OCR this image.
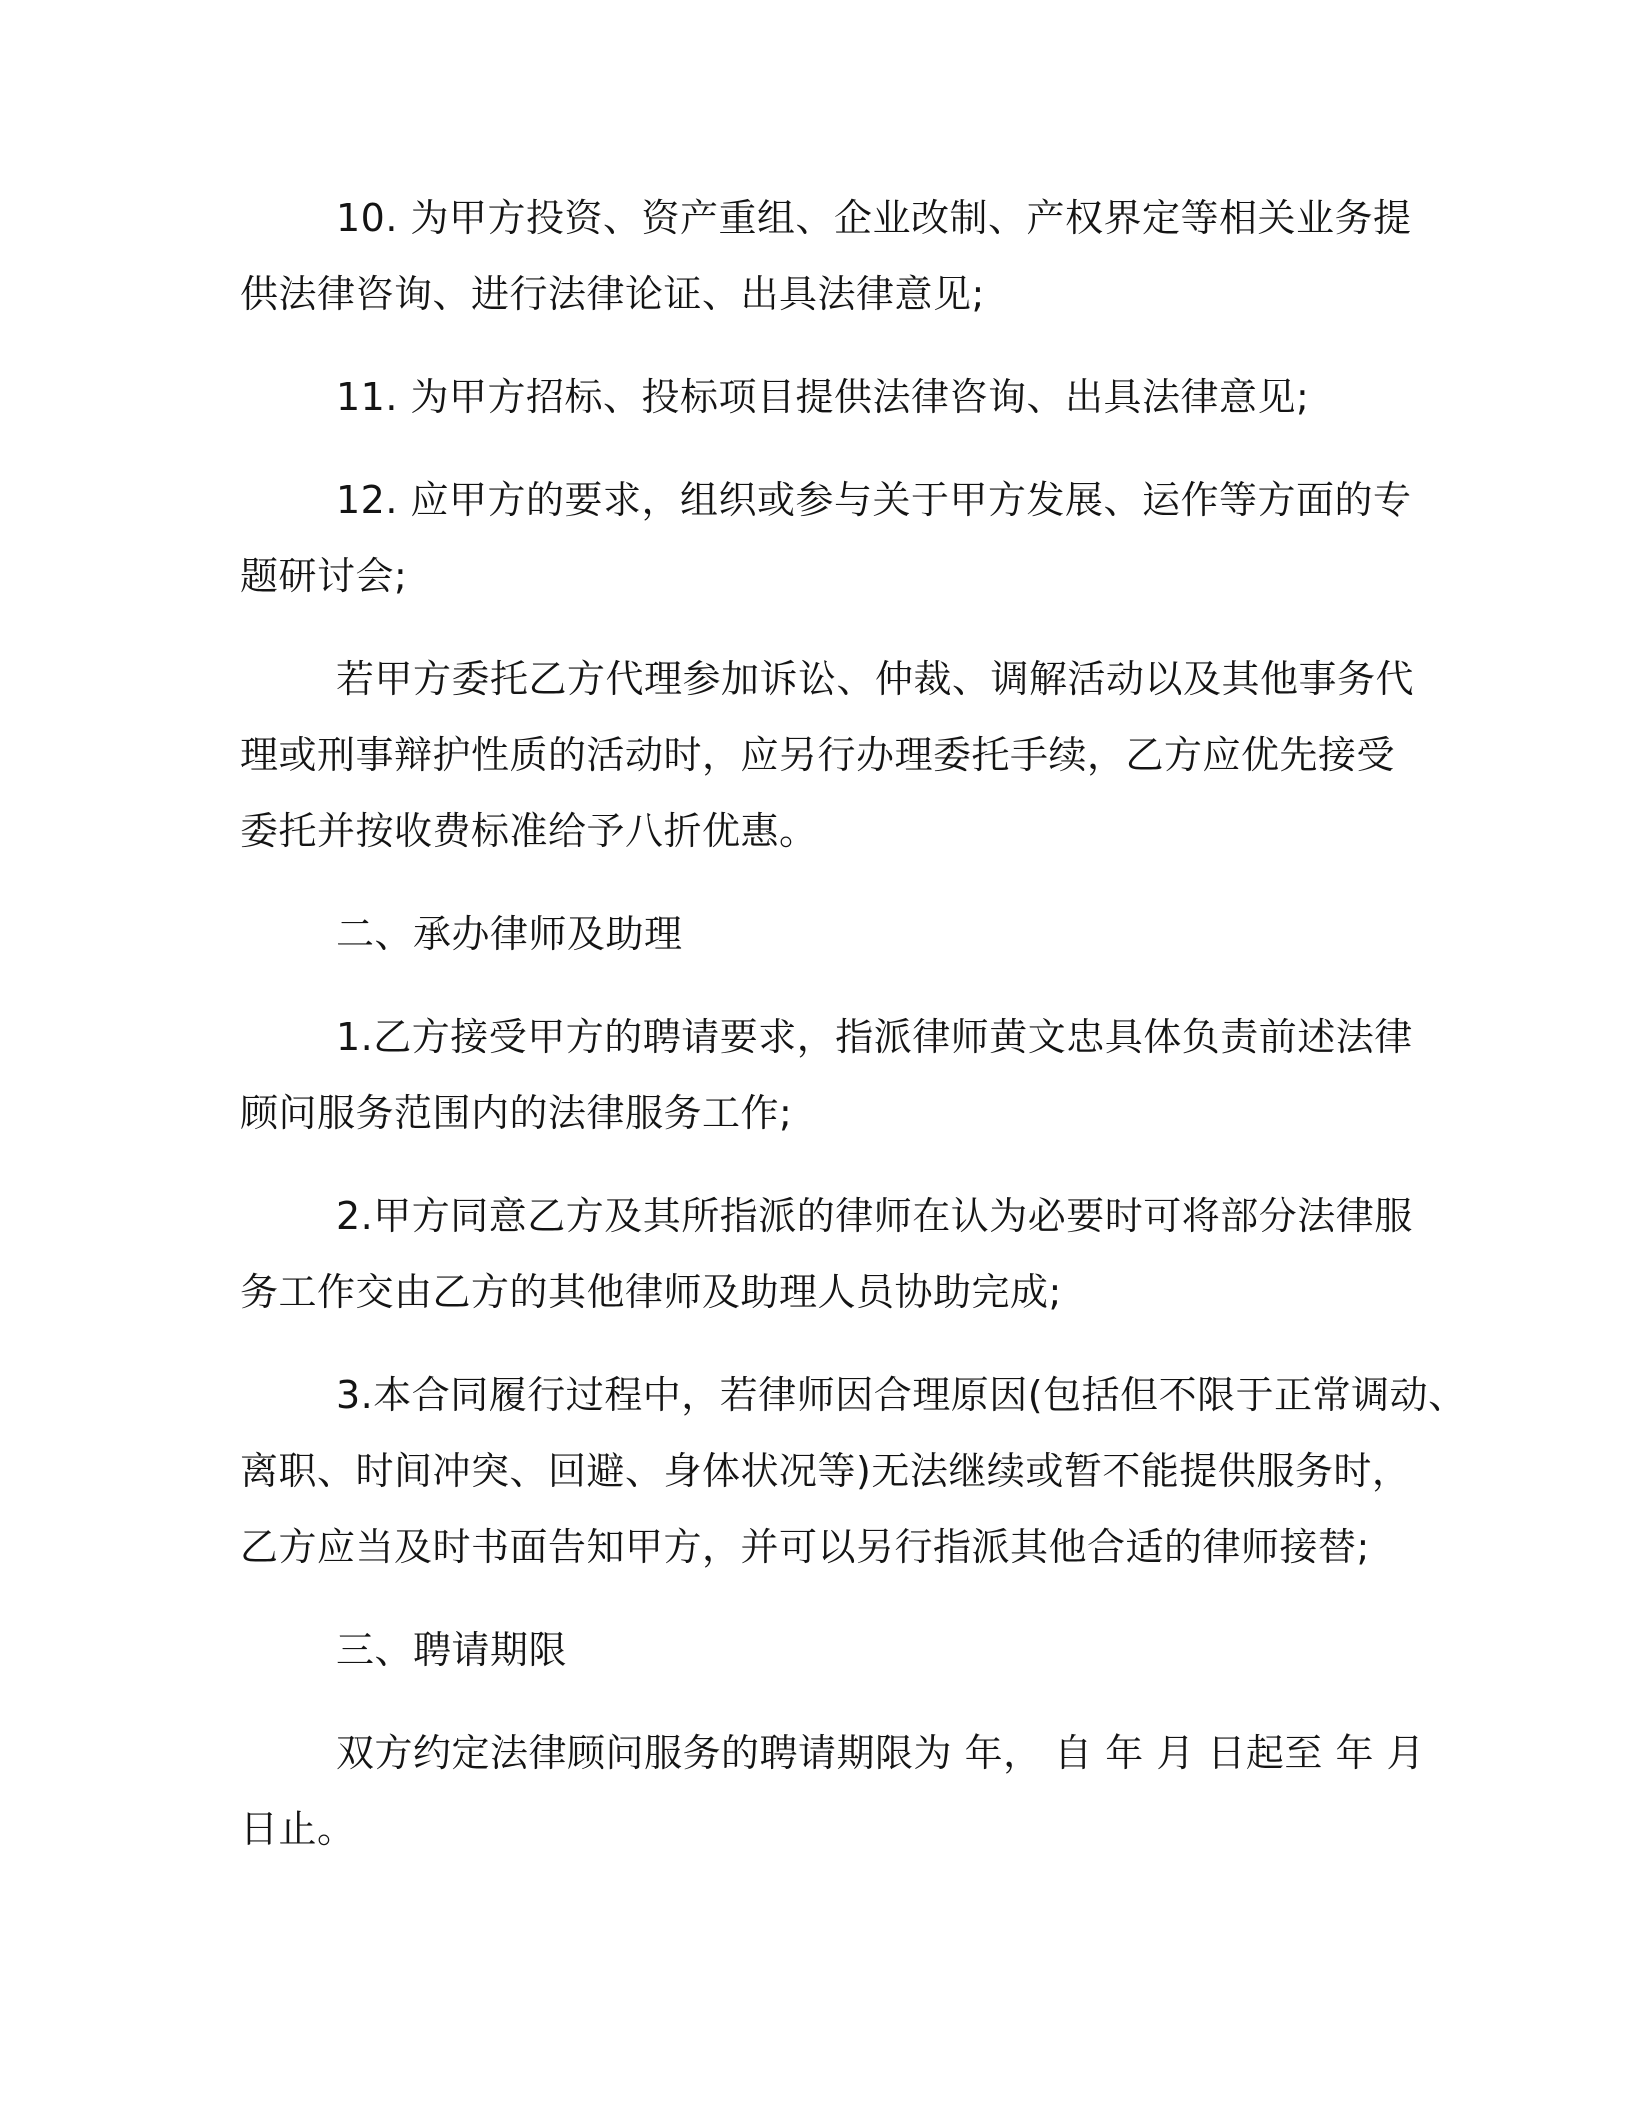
10. 为甲方投资、资产重组、企业改制、产权界定等相关业务提
供法律咨询、进行法律论证、出具法律意见;
11. 为甲方招标、投标项目提供法律咨询、出具法律意见;
12. 应甲方的要求，组织或参与关于甲方发展、运作等方面的专
题研讨会;
若甲方委托乙方代理参加诉讼、仲裁、调解活动以及其他事务代
理或刑事辩护性质的活动时，应另行办理委托手续，乙方应优先接受
委托并按收费标准给予八折优惠。
二、承办律师及助理
1.乙方接受甲方的聘请要求，指派律师黄文忠具体负责前述法律
顾问服务范围内的法律服务工作;
2.甲方同意乙方及其所指派的律师在认为必要时可将部分法律服
务工作交由乙方的其他律师及助理人员协助完成;
3.本合同履行过程中，若律师因合理原因(包括但不限于正常调动、
离职、时间冲突、回避、身体状况等)无法继续或暂不能提供服务时，
乙方应当及时书面告知甲方，并可以另行指派其他合适的律师接替;
三、聘请期限
双方约定法律顾问服务的聘请期限为 年， 自 年 月 日起至 年 月
日止。
